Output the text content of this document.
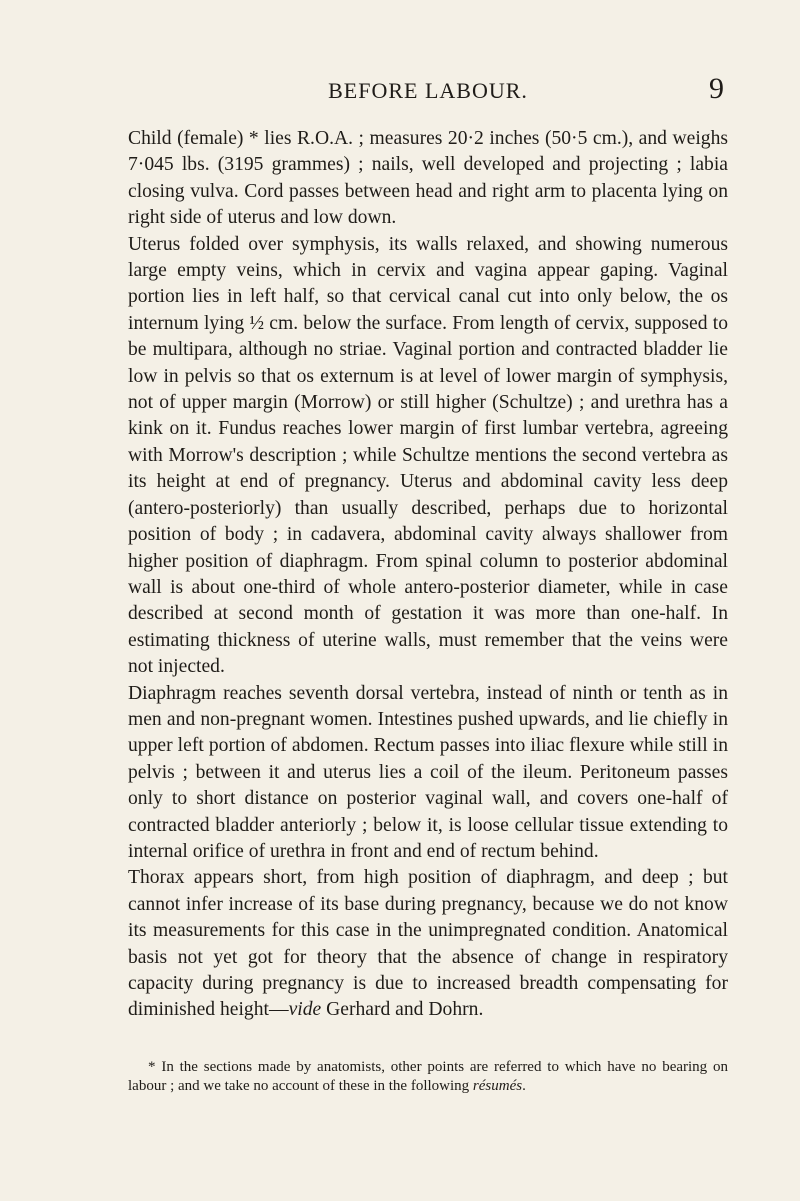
BEFORE LABOUR.	9

Child (female) * lies R.O.A. ; measures 20·2 inches (50·5 cm.), and weighs 7·045 lbs. (3195 grammes) ; nails, well developed and projecting ; labia closing vulva. Cord passes between head and right arm to placenta lying on right side of uterus and low down.

Uterus folded over symphysis, its walls relaxed, and showing numerous large empty veins, which in cervix and vagina appear gaping. Vaginal portion lies in left half, so that cervical canal cut into only below, the os internum lying ½ cm. below the surface. From length of cervix, supposed to be multipara, although no striae. Vaginal portion and contracted bladder lie low in pelvis so that os externum is at level of lower margin of symphysis, not of upper margin (Morrow) or still higher (Schultze) ; and urethra has a kink on it. Fundus reaches lower margin of first lumbar vertebra, agreeing with Morrow's description ; while Schultze mentions the second vertebra as its height at end of pregnancy. Uterus and abdominal cavity less deep (antero-posteriorly) than usually described, perhaps due to horizontal position of body ; in cadavera, abdominal cavity always shallower from higher position of diaphragm. From spinal column to posterior abdominal wall is about one-third of whole antero-posterior diameter, while in case described at second month of gestation it was more than one-half. In estimating thickness of uterine walls, must remember that the veins were not injected.

Diaphragm reaches seventh dorsal vertebra, instead of ninth or tenth as in men and non-pregnant women. Intestines pushed upwards, and lie chiefly in upper left portion of abdomen. Rectum passes into iliac flexure while still in pelvis ; between it and uterus lies a coil of the ileum. Peritoneum passes only to short distance on posterior vaginal wall, and covers one-half of contracted bladder anteriorly ; below it, is loose cellular tissue extending to internal orifice of urethra in front and end of rectum behind.

Thorax appears short, from high position of diaphragm, and deep ; but cannot infer increase of its base during pregnancy, because we do not know its measurements for this case in the unimpregnated condition. Anatomical basis not yet got for theory that the absence of change in respiratory capacity during pregnancy is due to increased breadth compensating for diminished height—vide Gerhard and Dohrn.

* In the sections made by anatomists, other points are referred to which have no bearing on labour ; and we take no account of these in the following résumés.
